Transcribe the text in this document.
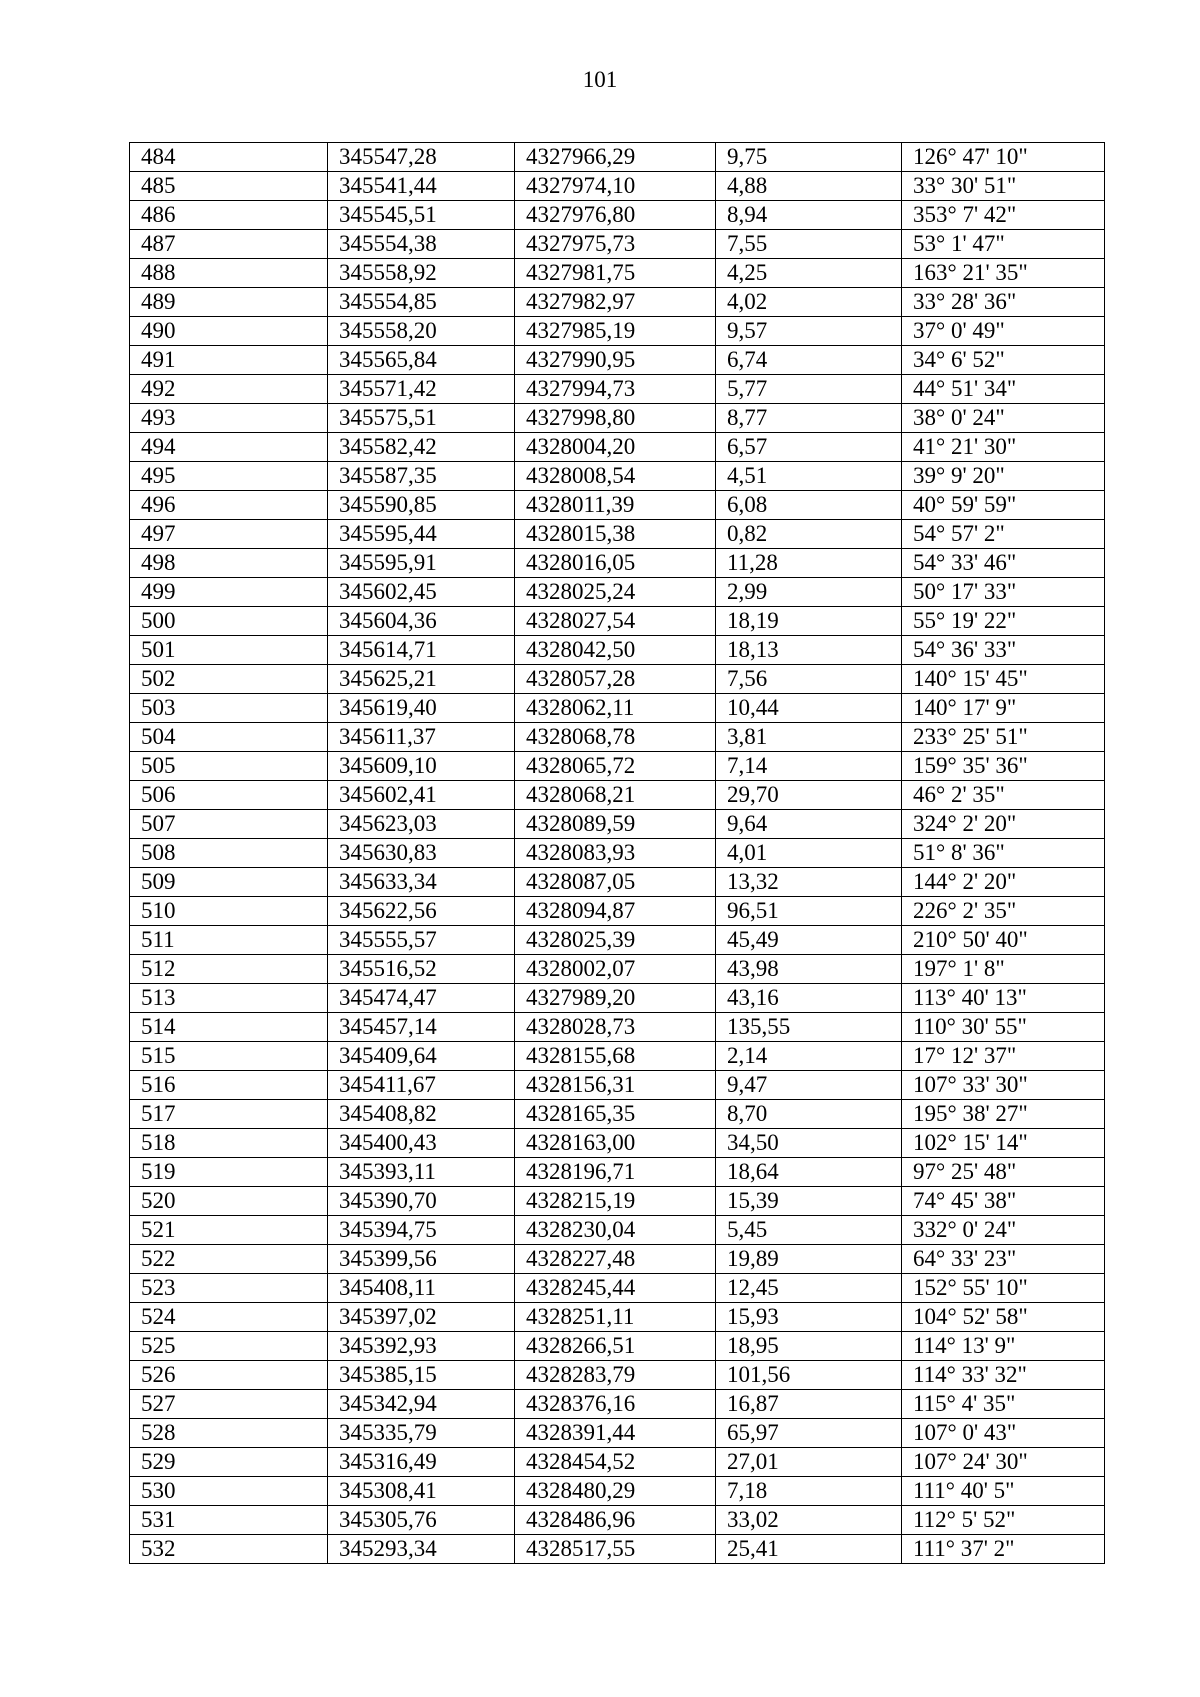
101
484	345547,28	4327966,29	9,75	126° 47' 10"
485	345541,44	4327974,10	4,88	33° 30' 51"
486	345545,51	4327976,80	8,94	353° 7' 42"
487	345554,38	4327975,73	7,55	53° 1' 47"
488	345558,92	4327981,75	4,25	163° 21' 35"
489	345554,85	4327982,97	4,02	33° 28' 36"
490	345558,20	4327985,19	9,57	37° 0' 49"
491	345565,84	4327990,95	6,74	34° 6' 52"
492	345571,42	4327994,73	5,77	44° 51' 34"
493	345575,51	4327998,80	8,77	38° 0' 24"
494	345582,42	4328004,20	6,57	41° 21' 30"
495	345587,35	4328008,54	4,51	39° 9' 20"
496	345590,85	4328011,39	6,08	40° 59' 59"
497	345595,44	4328015,38	0,82	54° 57' 2"
498	345595,91	4328016,05	11,28	54° 33' 46"
499	345602,45	4328025,24	2,99	50° 17' 33"
500	345604,36	4328027,54	18,19	55° 19' 22"
501	345614,71	4328042,50	18,13	54° 36' 33"
502	345625,21	4328057,28	7,56	140° 15' 45"
503	345619,40	4328062,11	10,44	140° 17' 9"
504	345611,37	4328068,78	3,81	233° 25' 51"
505	345609,10	4328065,72	7,14	159° 35' 36"
506	345602,41	4328068,21	29,70	46° 2' 35"
507	345623,03	4328089,59	9,64	324° 2' 20"
508	345630,83	4328083,93	4,01	51° 8' 36"
509	345633,34	4328087,05	13,32	144° 2' 20"
510	345622,56	4328094,87	96,51	226° 2' 35"
511	345555,57	4328025,39	45,49	210° 50' 40"
512	345516,52	4328002,07	43,98	197° 1' 8"
513	345474,47	4327989,20	43,16	113° 40' 13"
514	345457,14	4328028,73	135,55	110° 30' 55"
515	345409,64	4328155,68	2,14	17° 12' 37"
516	345411,67	4328156,31	9,47	107° 33' 30"
517	345408,82	4328165,35	8,70	195° 38' 27"
518	345400,43	4328163,00	34,50	102° 15' 14"
519	345393,11	4328196,71	18,64	97° 25' 48"
520	345390,70	4328215,19	15,39	74° 45' 38"
521	345394,75	4328230,04	5,45	332° 0' 24"
522	345399,56	4328227,48	19,89	64° 33' 23"
523	345408,11	4328245,44	12,45	152° 55' 10"
524	345397,02	4328251,11	15,93	104° 52' 58"
525	345392,93	4328266,51	18,95	114° 13' 9"
526	345385,15	4328283,79	101,56	114° 33' 32"
527	345342,94	4328376,16	16,87	115° 4' 35"
528	345335,79	4328391,44	65,97	107° 0' 43"
529	345316,49	4328454,52	27,01	107° 24' 30"
530	345308,41	4328480,29	7,18	111° 40' 5"
531	345305,76	4328486,96	33,02	112° 5' 52"
532	345293,34	4328517,55	25,41	111° 37' 2"
